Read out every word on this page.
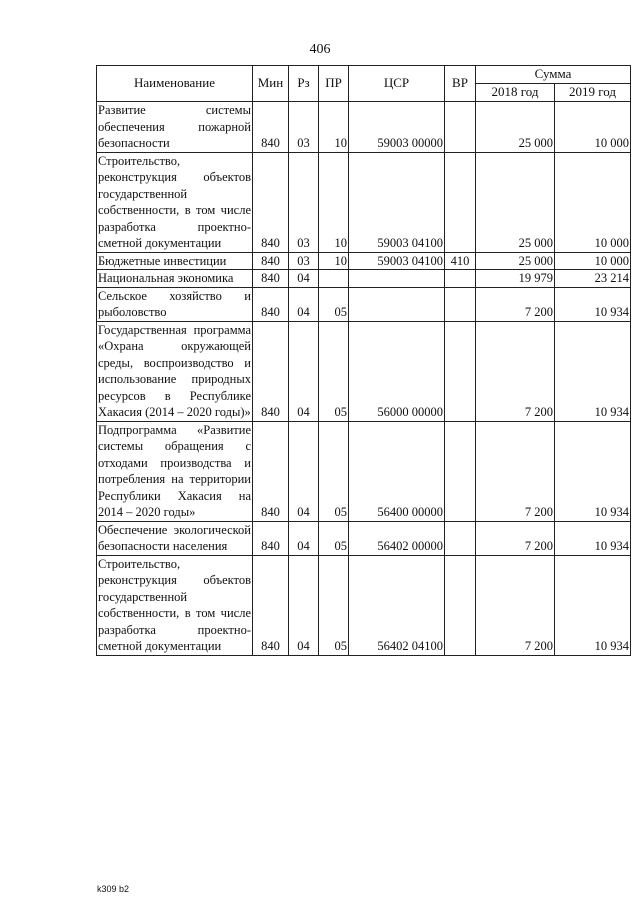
406
Наименование	Мин	Рз	ПР	ЦСР	ВР	Сумма	
						2018 год	2019 год
Развитие системы обеспечения пожарной безопасности	840	03	10	59003 00000		25 000	10 000
Строительство, реконструкция объектов государственной собственности, в том числе разработка проектно-сметной документации	840	03	10	59003 04100		25 000	10 000
Бюджетные инвестиции	840	03	10	59003 04100	410	25 000	10 000
Национальная экономика	840	04				19 979	23 214
Сельское хозяйство и рыболовство	840	04	05			7 200	10 934
Государственная программа «Охрана окружающей среды, воспроизводство и использование природных ресурсов в Республике Хакасия (2014 – 2020 годы)»	840	04	05	56000 00000		7 200	10 934
Подпрограмма «Развитие системы обращения с отходами производства и потребления на территории Республики Хакасия на 2014 – 2020 годы»	840	04	05	56400 00000		7 200	10 934
Обеспечение экологической безопасности населения	840	04	05	56402 00000		7 200	10 934
Строительство, реконструкция объектов государственной собственности, в том числе разработка проектно-сметной документации	840	04	05	56402 04100		7 200	10 934
k309 b2
